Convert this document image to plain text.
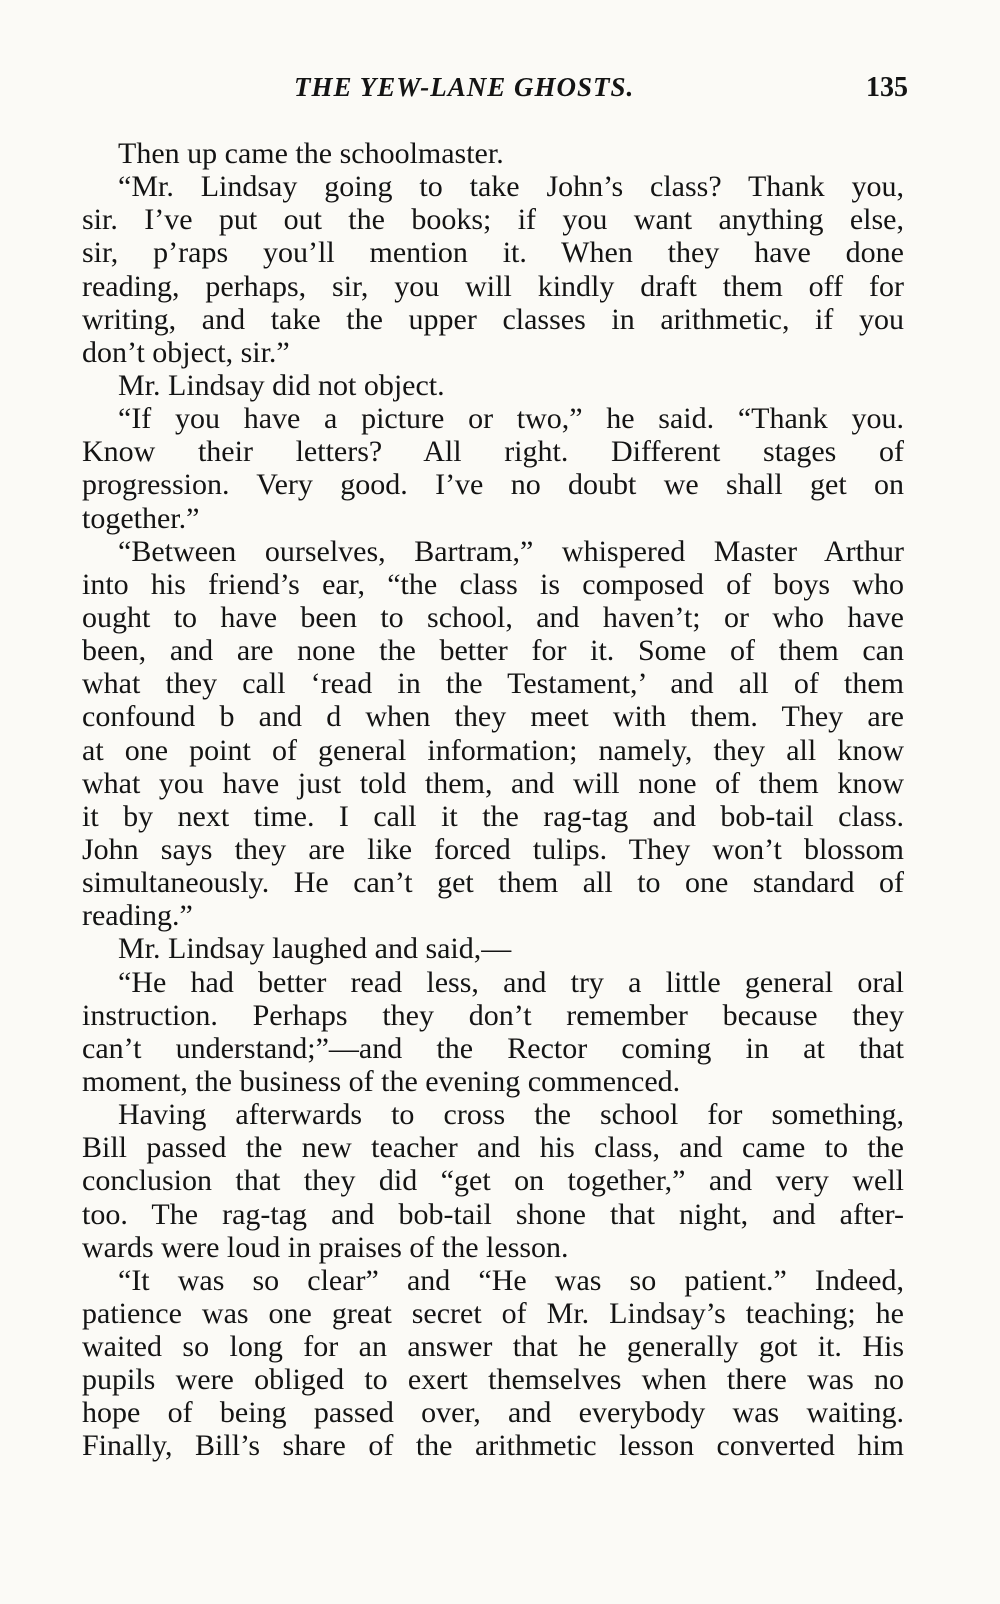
THE YEW-LANE GHOSTS.	135
Then up came the schoolmaster.
“Mr. Lindsay going to take John’s class? Thank you,
sir. I’ve put out the books; if you want anything else,
sir, p’raps you’ll mention it. When they have done
reading, perhaps, sir, you will kindly draft them off for
writing, and take the upper classes in arithmetic, if you
don’t object, sir.”
Mr. Lindsay did not object.
“If you have a picture or two,” he said. “Thank you.
Know their letters? All right. Different stages of
progression. Very good. I’ve no doubt we shall get on
together.”
“Between ourselves, Bartram,” whispered Master Arthur
into his friend’s ear, “the class is composed of boys who
ought to have been to school, and haven’t; or who have
been, and are none the better for it. Some of them can
what they call ‘read in the Testament,’ and all of them
confound b and d when they meet with them. They are
at one point of general information; namely, they all know
what you have just told them, and will none of them know
it by next time. I call it the rag-tag and bob-tail class.
John says they are like forced tulips. They won’t blossom
simultaneously. He can’t get them all to one standard of
reading.”
Mr. Lindsay laughed and said,—
“He had better read less, and try a little general oral
instruction. Perhaps they don’t remember because they
can’t understand;”—and the Rector coming in at that
moment, the business of the evening commenced.
Having afterwards to cross the school for something,
Bill passed the new teacher and his class, and came to the
conclusion that they did “get on together,” and very well
too. The rag-tag and bob-tail shone that night, and after-
wards were loud in praises of the lesson.
“It was so clear” and “He was so patient.” Indeed,
patience was one great secret of Mr. Lindsay’s teaching; he
waited so long for an answer that he generally got it. His
pupils were obliged to exert themselves when there was no
hope of being passed over, and everybody was waiting.
Finally, Bill’s share of the arithmetic lesson converted him
